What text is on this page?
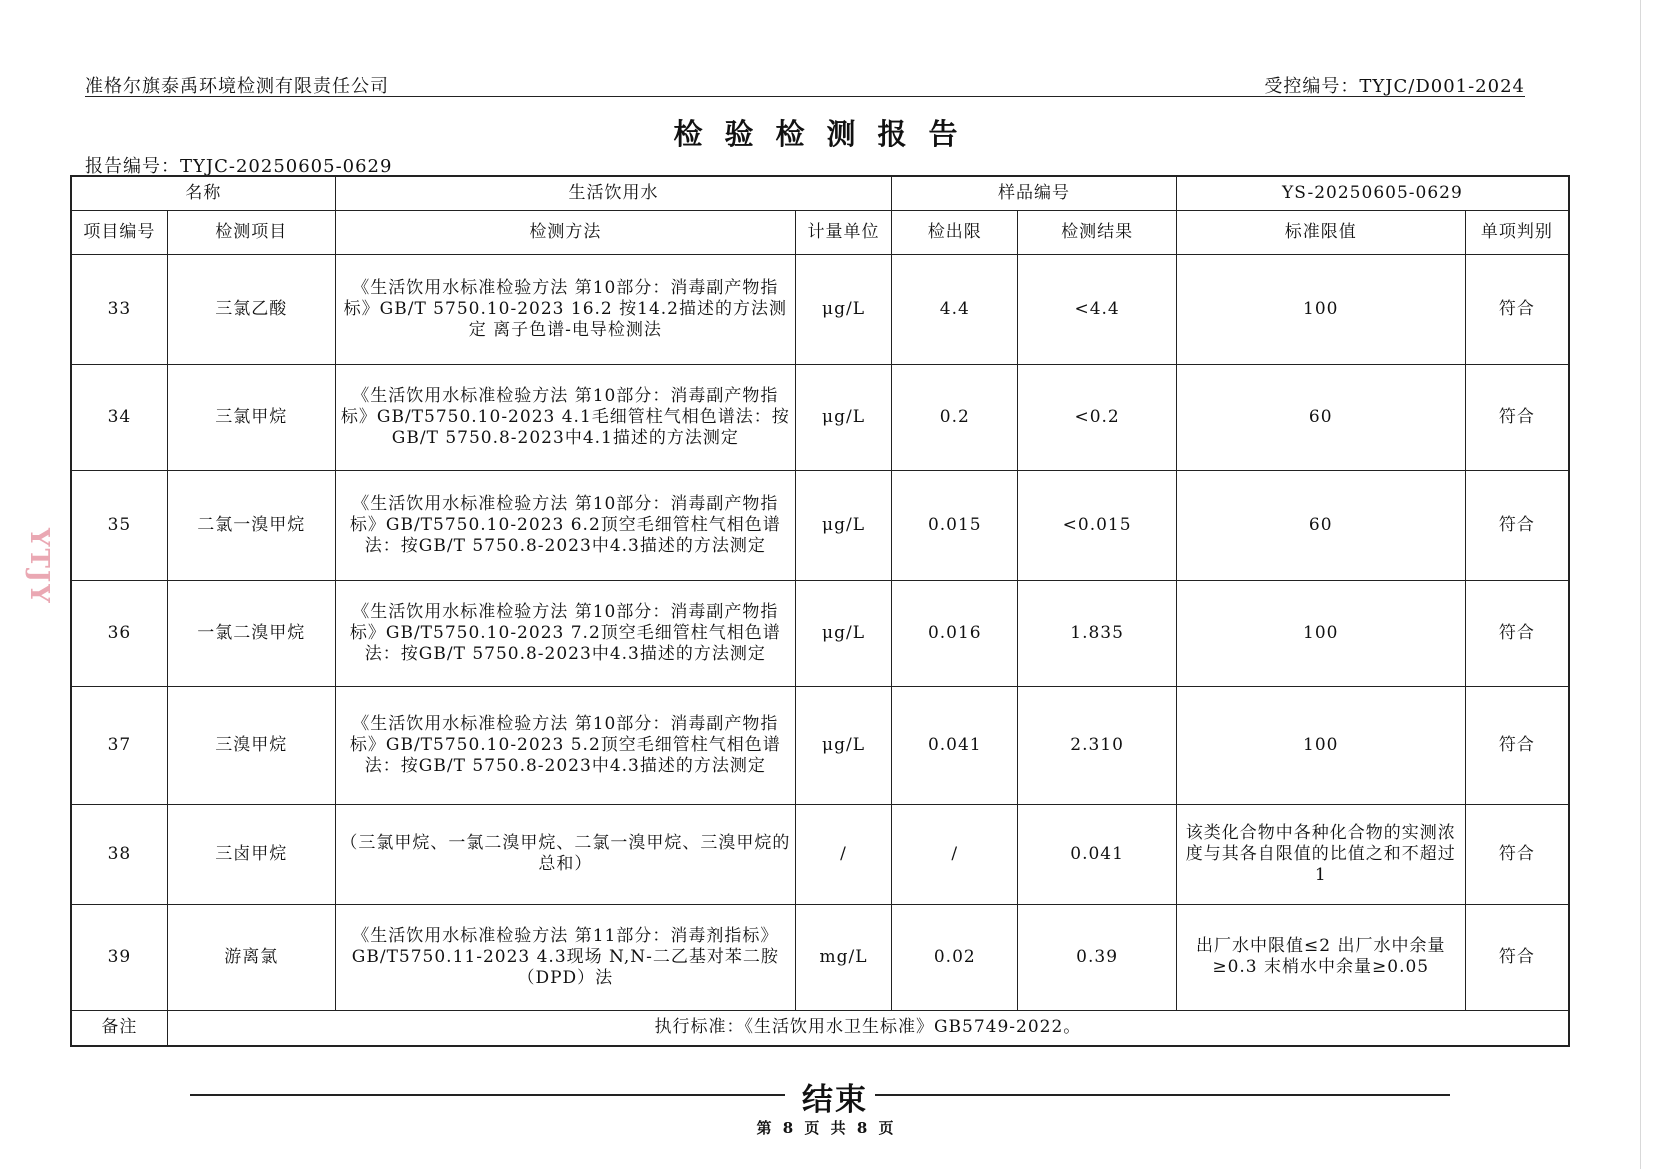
YTJY
准格尔旗泰禹环境检测有限责任公司	受控编号：TYJC/D001-2024
检验检测报告
报告编号：TYJC-20250605-0629
名称		生活饮用水		样品编号		YS-20250605-0629	
项目编号	检测项目	检测方法	计量单位	检出限	检测结果	标准限值	单项判别
33	三氯乙酸	《生活饮用水标准检验方法 第10部分：消毒副产物指标》GB/T 5750.10-2023 16.2 按14.2描述的方法测定 离子色谱-电导检测法	μg/L	4.4	<4.4	100	符合
34	三氯甲烷	《生活饮用水标准检验方法 第10部分：消毒副产物指标》GB/T5750.10-2023 4.1毛细管柱气相色谱法：按GB/T 5750.8-2023中4.1描述的方法测定	μg/L	0.2	<0.2	60	符合
35	二氯一溴甲烷	《生活饮用水标准检验方法 第10部分：消毒副产物指标》GB/T5750.10-2023 6.2顶空毛细管柱气相色谱法：按GB/T 5750.8-2023中4.3描述的方法测定	μg/L	0.015	<0.015	60	符合
36	一氯二溴甲烷	《生活饮用水标准检验方法 第10部分：消毒副产物指标》GB/T5750.10-2023 7.2顶空毛细管柱气相色谱法：按GB/T 5750.8-2023中4.3描述的方法测定	μg/L	0.016	1.835	100	符合
37	三溴甲烷	《生活饮用水标准检验方法 第10部分：消毒副产物指标》GB/T5750.10-2023 5.2顶空毛细管柱气相色谱法：按GB/T 5750.8-2023中4.3描述的方法测定	μg/L	0.041	2.310	100	符合
38	三卤甲烷	（三氯甲烷、一氯二溴甲烷、二氯一溴甲烷、三溴甲烷的总和）	/	/	0.041	该类化合物中各种化合物的实测浓度与其各自限值的比值之和不超过1	符合
39	游离氯	《生活饮用水标准检验方法 第11部分：消毒剂指标》GB/T5750.11-2023 4.3现场 N,N-二乙基对苯二胺（DPD）法	mg/L	0.02	0.39	出厂水中限值≤2 出厂水中余量≥0.3 末梢水中余量≥0.05	符合
备注	执行标准：《生活饮用水卫生标准》GB5749-2022。						
结束
第 8 页 共 8 页
